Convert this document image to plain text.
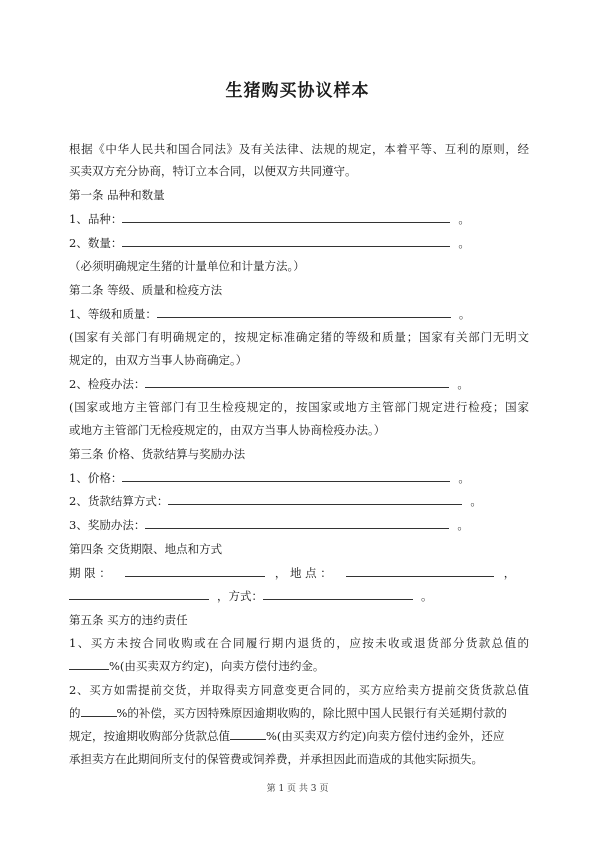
生猪购买协议样本
根据《中华人民共和国合同法》及有关法律、法规的规定，本着平等、互利的原则，经
买卖双方充分协商，特订立本合同，以便双方共同遵守。
第一条 品种和数量
1、品种：	。
2、数量：	。
（必须明确规定生猪的计量单位和计量方法。）
第二条 等级、质量和检疫方法
1、等级和质量：	。
(国家有关部门有明确规定的，按规定标准确定猪的等级和质量；国家有关部门无明文
规定的，由双方当事人协商确定。）
2、检疫办法：	。
(国家或地方主管部门有卫生检疫规定的，按国家或地方主管部门规定进行检疫；国家
或地方主管部门无检疫规定的，由双方当事人协商检疫办法。）
第三条 价格、货款结算与奖励办法
1、价格：	。
2、货款结算方式：	。
3、奖励办法：	。
第四条 交货期限、地点和方式
期 限 ：	， 地 点 ：	，
，方式：	。
第五条 买方的违约责任
1、买方未按合同收购或在合同履行期内退货的，应按未收或退货部分货款总值的
%(由买卖双方约定)，向卖方偿付违约金。
2、买方如需提前交货，并取得卖方同意变更合同的，买方应给卖方提前交货货款总值
的	%的补偿，买方因特殊原因逾期收购的，除比照中国人民银行有关延期付款的
规定，按逾期收购部分货款总值	%(由买卖双方约定)向卖方偿付违约金外，还应
承担卖方在此期间所支付的保管费或饲养费，并承担因此而造成的其他实际损失。
第 1 页 共 3 页
